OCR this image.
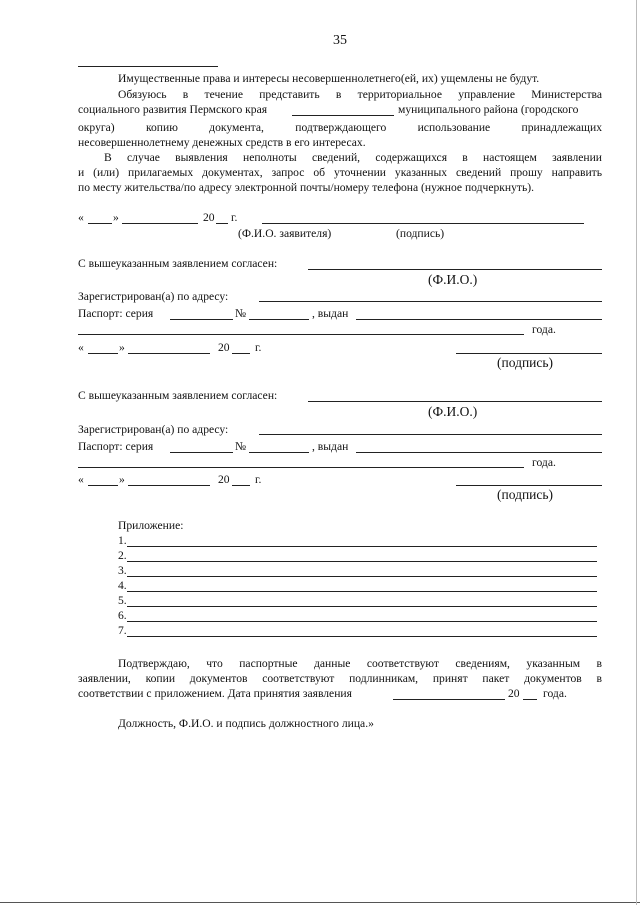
35
Имущественные права и интересы несовершеннолетнего(ей, их) ущемлены не будут.
Обязуюсь в течение представить в территориальное управление Министерства
социального развития Пермского края	муниципального района (городского
округа) копию документа, подтверждающего использование принадлежащих
несовершеннолетнему денежных средств в его интересах.
В случае выявления неполноты сведений, содержащихся в настоящем заявлении
и (или) прилагаемых документах, запрос об уточнении указанных сведений прошу направить
по месту жительства/по адресу электронной почты/номеру телефона (нужное подчеркнуть).
«	»	20 г.
(Ф.И.О. заявителя)	(подпись)
С вышеуказанным заявлением согласен:
(Ф.И.О.)
Зарегистрирован(а) по адресу:
Паспорт: серия	№	, выдан
года.
«	»	20 г.
(подпись)
С вышеуказанным заявлением согласен:
(Ф.И.О.)
Зарегистрирован(а) по адресу:
Паспорт: серия	№	, выдан
года.
«	»	20 г.
(подпись)
Приложение:
1.
2.
3.
4.
5.
6.
7.
Подтверждаю, что паспортные данные соответствуют сведениям, указанным в
заявлении, копии документов соответствуют подлинникам, принят пакет документов в
соответствии с приложением. Дата принятия заявления	20 года.
Должность, Ф.И.О. и подпись должностного лица.»
